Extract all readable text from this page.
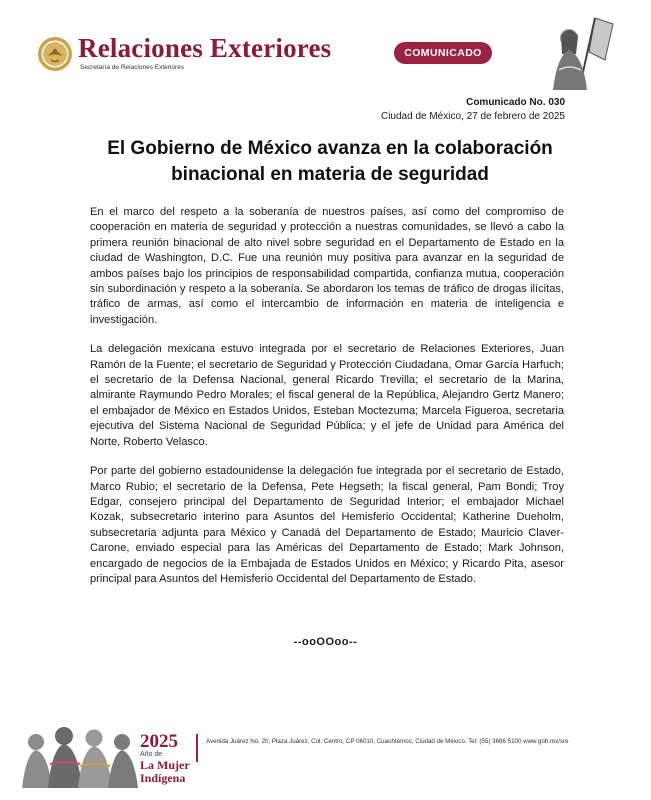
Relaciones Exteriores
Secretaría de Relaciones Exteriores
COMUNICADO
Comunicado No. 030
Ciudad de México, 27 de febrero de 2025
El Gobierno de México avanza en la colaboración
binacional en materia de seguridad

En el marco del respeto a la soberanía de nuestros países, así como del compromiso de cooperación en materia de seguridad y protección a nuestras comunidades, se llevó a cabo la primera reunión binacional de alto nivel sobre seguridad en el Departamento de Estado en la ciudad de Washington, D.C. Fue una reunión muy positiva para avanzar en la seguridad de ambos países bajo los principios de responsabilidad compartida, confianza mutua, cooperación sin subordinación y respeto a la soberanía. Se abordaron los temas de tráfico de drogas ilícitas, tráfico de armas, así como el intercambio de información en materia de inteligencia e investigación.

La delegación mexicana estuvo integrada por el secretario de Relaciones Exteriores, Juan Ramón de la Fuente; el secretario de Seguridad y Protección Ciudadana, Omar García Harfuch; el secretario de la Defensa Nacional, general Ricardo Trevilla; el secretario de la Marina, almirante Raymundo Pedro Morales; el fiscal general de la República, Alejandro Gertz Manero; el embajador de México en Estados Unidos, Esteban Moctezuma; Marcela Figueroa, secretaria ejecutiva del Sistema Nacional de Seguridad Pública; y el jefe de Unidad para América del Norte, Roberto Velasco.

Por parte del gobierno estadounidense la delegación fue integrada por el secretario de Estado, Marco Rubio; el secretario de la Defensa, Pete Hegseth; la fiscal general, Pam Bondi; Troy Edgar, consejero principal del Departamento de Seguridad Interior; el embajador Michael Kozak, subsecretario interino para Asuntos del Hemisferio Occidental; Katherine Dueholm, subsecretaria adjunta para México y Canadá del Departamento de Estado; Mauricio Claver-Carone, enviado especial para las Américas del Departamento de Estado; Mark Johnson, encargado de negocios de la Embajada de Estados Unidos en México; y Ricardo Pita, asesor principal para Asuntos del Hemisferio Occidental del Departamento de Estado.

--ooOOoo--
2025
Año de
La Mujer
Indígena
Avenida Juárez No. 20, Plaza Juárez, Col. Centro, CP 06010, Cuauhtémoc, Ciudad de México. Tel: (55) 3686 5100 www.gob.mx/sre
